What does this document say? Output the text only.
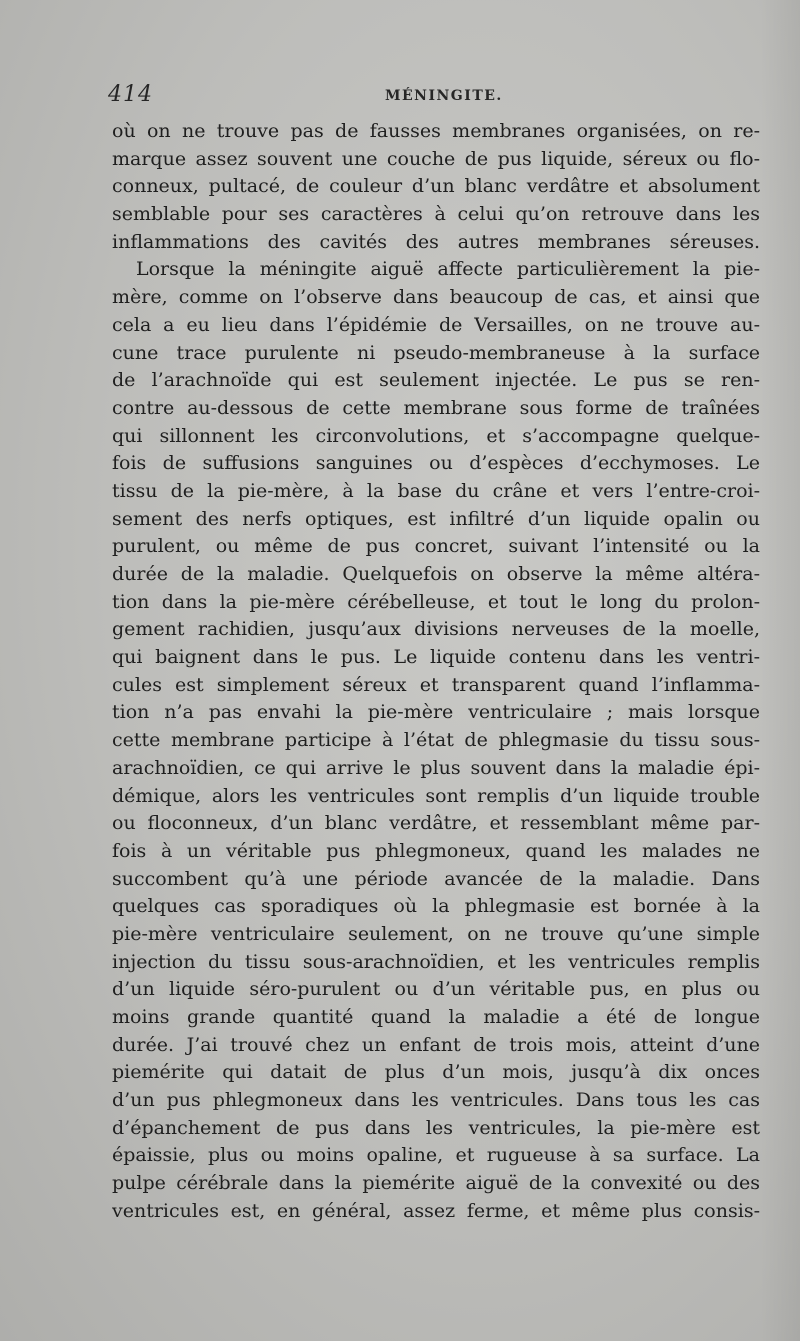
414	MÉNINGITE.
où on ne trouve pas de fausses membranes organisées, on re-
marque assez souvent une couche de pus liquide, séreux ou flo-
conneux, pultacé, de couleur d’un blanc verdâtre et absolument
semblable pour ses caractères à celui qu’on retrouve dans les
inflammations des cavités des autres membranes séreuses.
Lorsque la méningite aiguë affecte particulièrement la pie-
mère, comme on l’observe dans beaucoup de cas, et ainsi que
cela a eu lieu dans l’épidémie de Versailles, on ne trouve au-
cune trace purulente ni pseudo-membraneuse à la surface
de l’arachnoïde qui est seulement injectée. Le pus se ren-
contre au-dessous de cette membrane sous forme de traînées
qui sillonnent les circonvolutions, et s’accompagne quelque-
fois de suffusions sanguines ou d’espèces d’ecchymoses. Le
tissu de la pie-mère, à la base du crâne et vers l’entre-croi-
sement des nerfs optiques, est infiltré d’un liquide opalin ou
purulent, ou même de pus concret, suivant l’intensité ou la
durée de la maladie. Quelquefois on observe la même altéra-
tion dans la pie-mère cérébelleuse, et tout le long du prolon-
gement rachidien, jusqu’aux divisions nerveuses de la moelle,
qui baignent dans le pus. Le liquide contenu dans les ventri-
cules est simplement séreux et transparent quand l’inflamma-
tion n’a pas envahi la pie-mère ventriculaire ; mais lorsque
cette membrane participe à l’état de phlegmasie du tissu sous-
arachnoïdien, ce qui arrive le plus souvent dans la maladie épi-
démique, alors les ventricules sont remplis d’un liquide trouble
ou floconneux, d’un blanc verdâtre, et ressemblant même par-
fois à un véritable pus phlegmoneux, quand les malades ne
succombent qu’à une période avancée de la maladie. Dans
quelques cas sporadiques où la phlegmasie est bornée à la
pie-mère ventriculaire seulement, on ne trouve qu’une simple
injection du tissu sous-arachnoïdien, et les ventricules remplis
d’un liquide séro-purulent ou d’un véritable pus, en plus ou
moins grande quantité quand la maladie a été de longue
durée. J’ai trouvé chez un enfant de trois mois, atteint d’une
piemérite qui datait de plus d’un mois, jusqu’à dix onces
d’un pus phlegmoneux dans les ventricules. Dans tous les cas
d’épanchement de pus dans les ventricules, la pie-mère est
épaissie, plus ou moins opaline, et rugueuse à sa surface. La
pulpe cérébrale dans la piemérite aiguë de la convexité ou des
ventricules est, en général, assez ferme, et même plus consis-
